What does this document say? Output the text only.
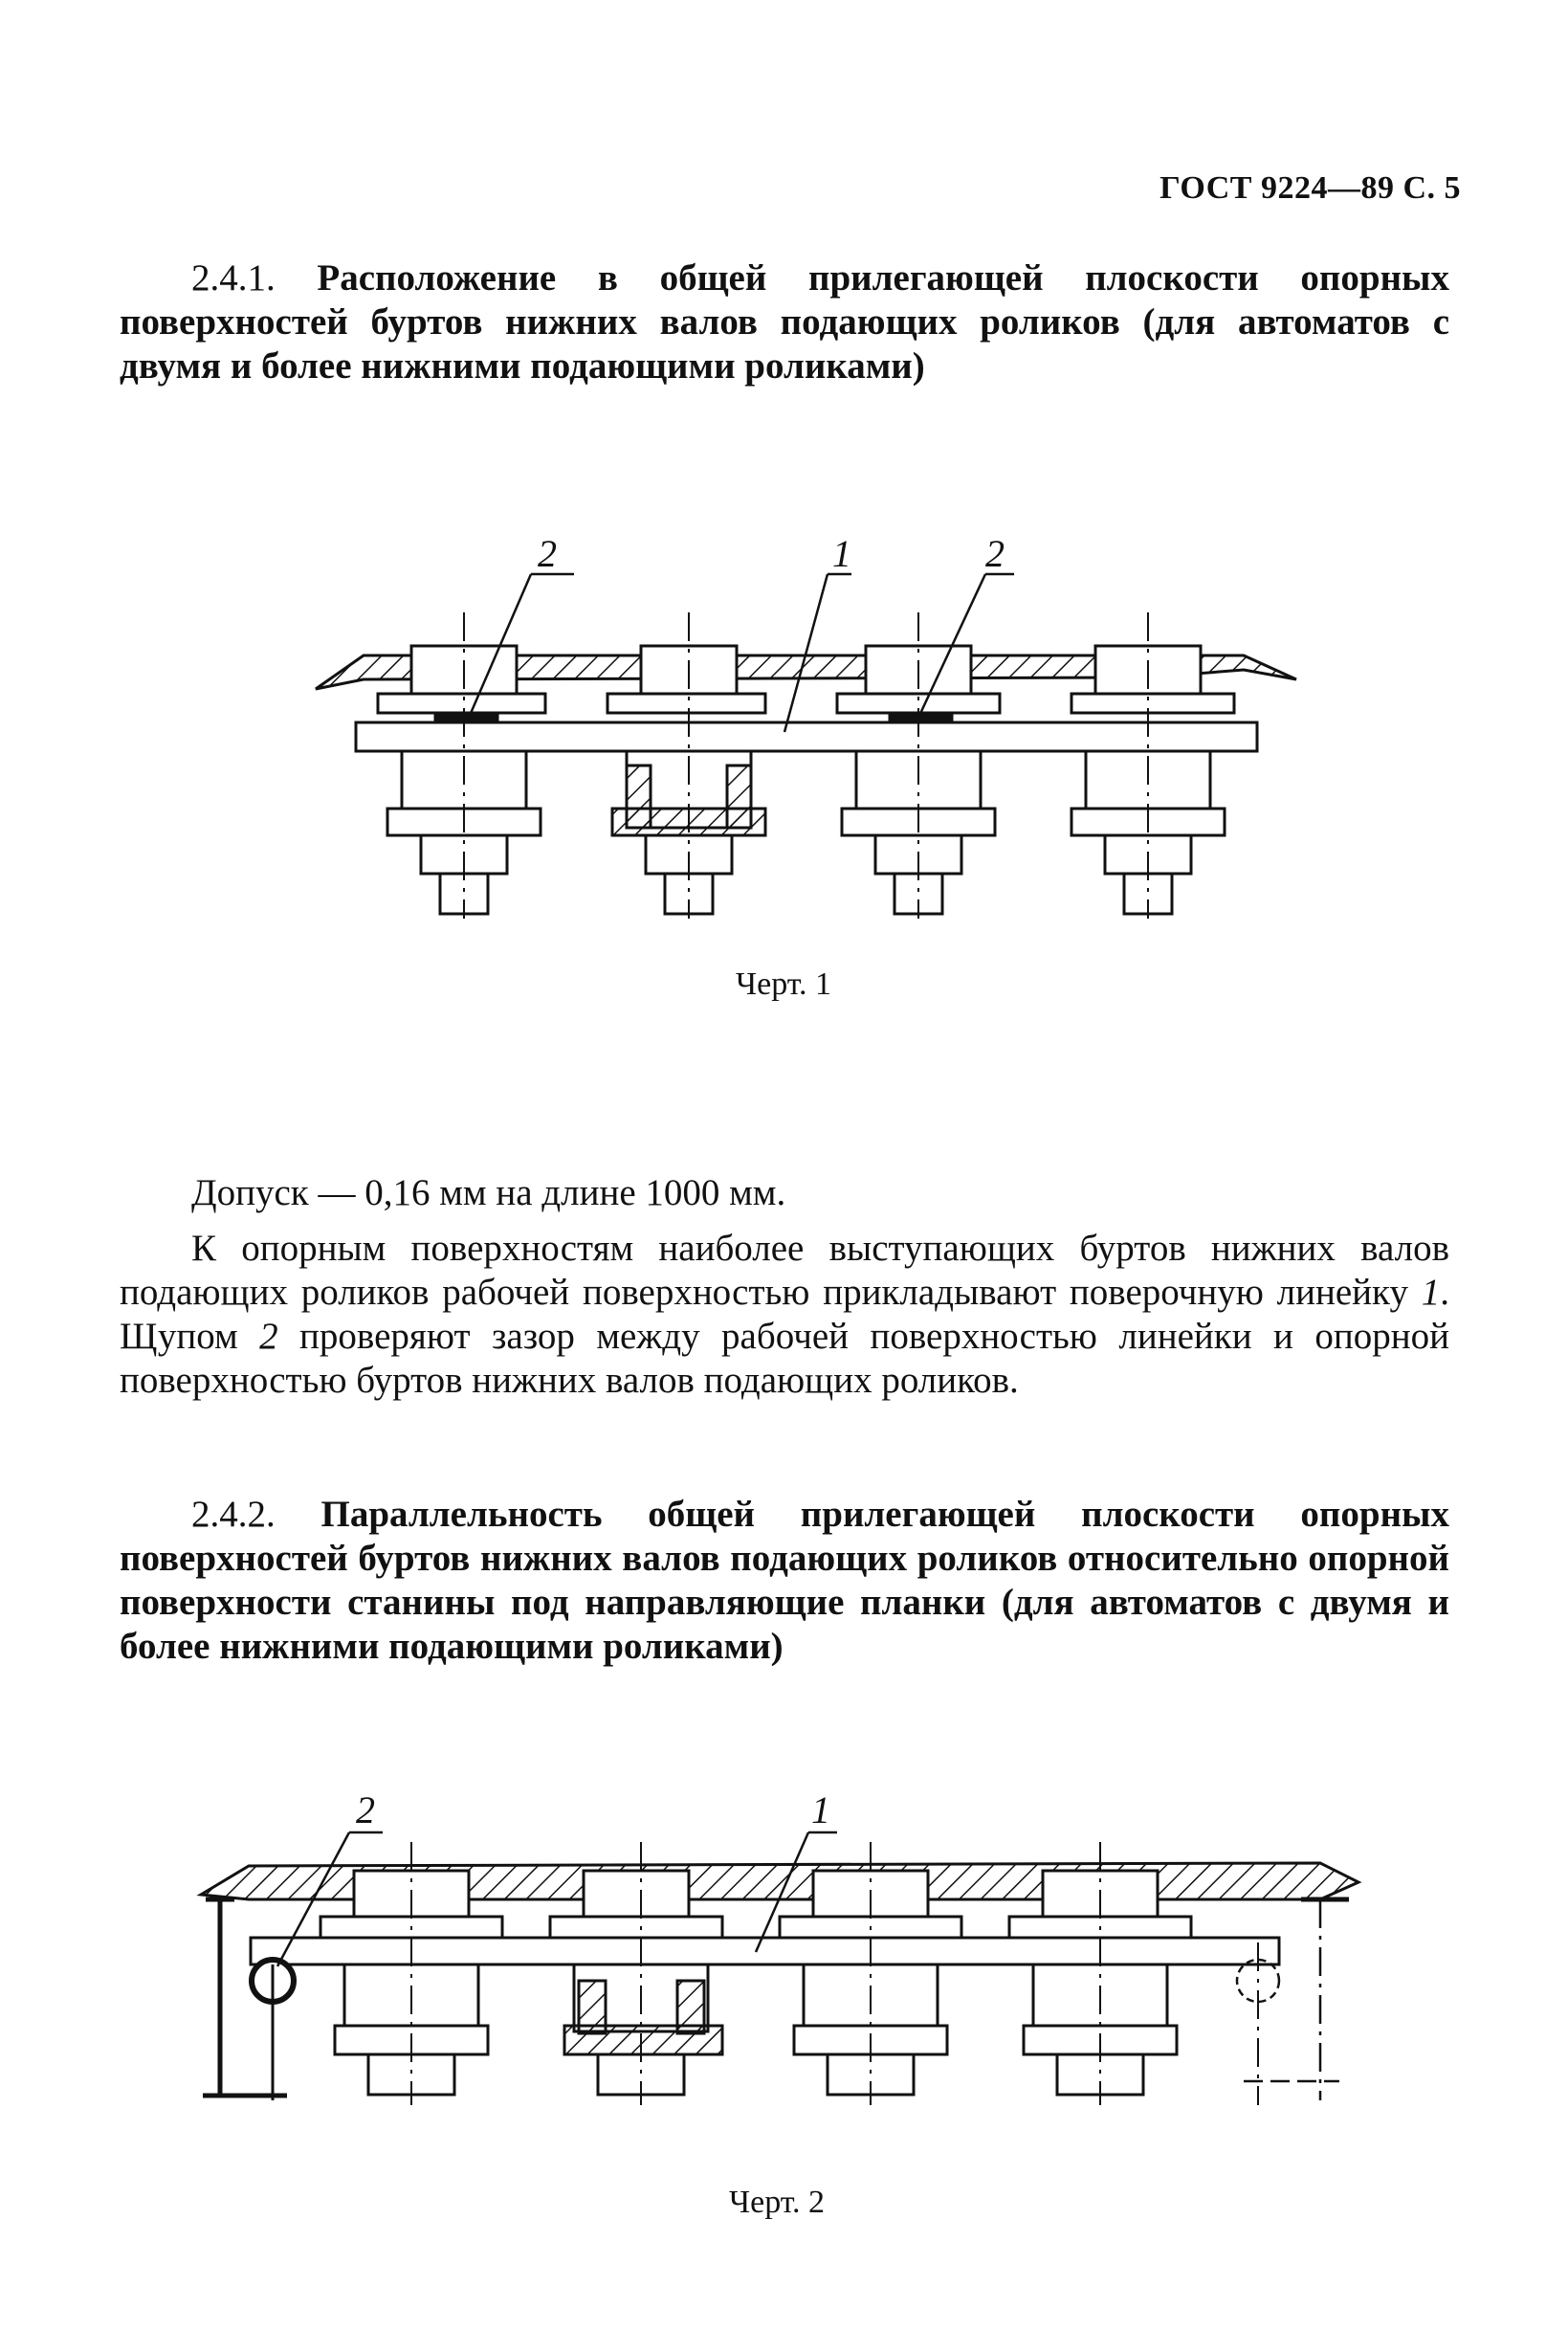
ГОСТ 9224—89 С. 5
2.4.1. Расположение в общей прилегающей плоскости опорных поверхностей буртов нижних валов подающих роликов (для автоматов с двумя и более нижними подающими роликами)
2	1	2
Черт. 1
Допуск — 0,16 мм на длине 1000 мм.
К опорным поверхностям наиболее выступающих буртов нижних валов подающих роликов рабочей поверхностью прикладывают поверочную линейку 1. Щупом 2 проверяют зазор между рабочей поверхностью линейки и опорной поверхностью буртов нижних валов подающих роликов.
2.4.2. Параллельность общей прилегающей плоскости опорных поверхностей буртов нижних валов подающих роликов относительно опорной поверхности станины под направляющие планки (для автоматов с двумя и более нижними подающими роликами)
2	1
Черт. 2
